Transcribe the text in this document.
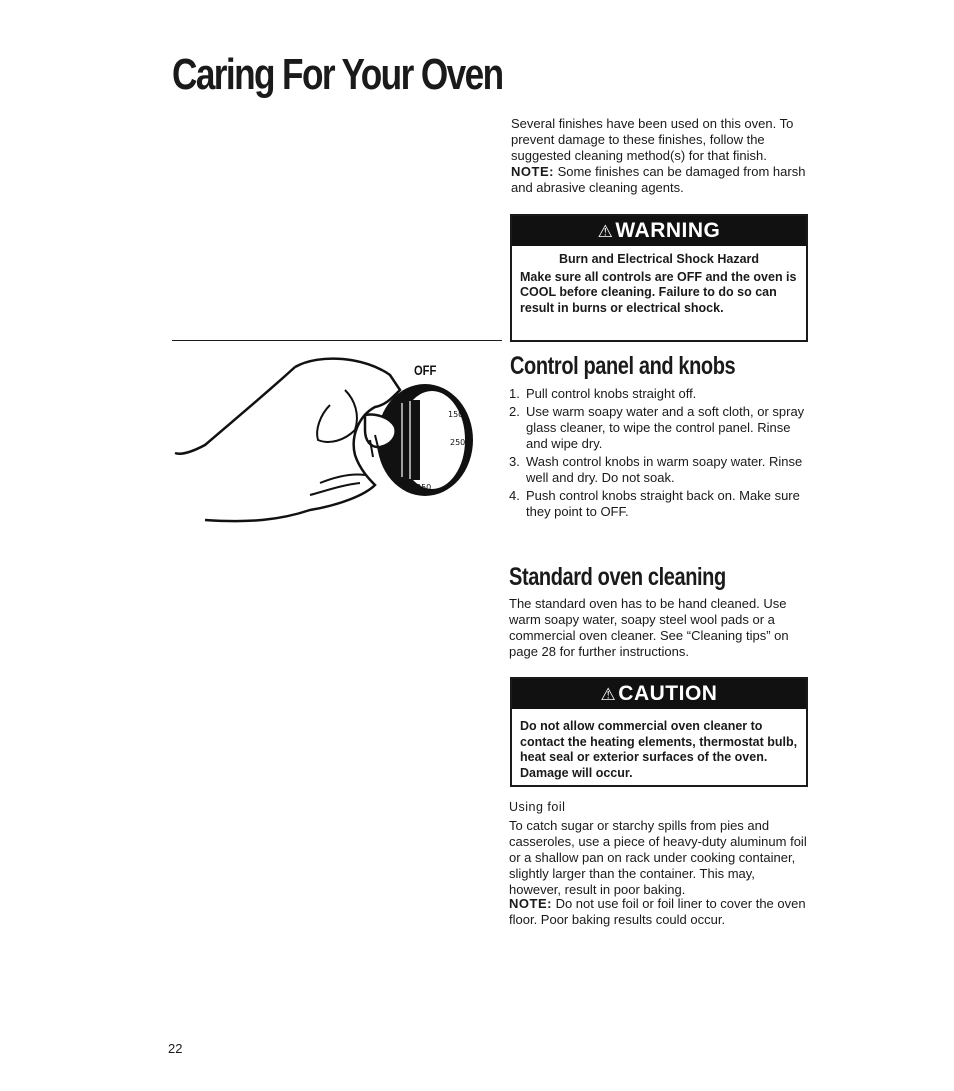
Caring For Your Oven

Several finishes have been used on this oven. To prevent damage to these finishes, follow the suggested cleaning method(s) for that finish.

NOTE: Some finishes can be damaged from harsh and abrasive cleaning agents.

⚠WARNING
Burn and Electrical Shock Hazard
Make sure all controls are OFF and the oven is COOL before cleaning. Failure to do so can result in burns or electrical shock.
150
250
350
OFF	Control panel and knobs
1. Pull control knobs straight off.
2. Use warm soapy water and a soft cloth, or spray glass cleaner, to wipe the control panel. Rinse and wipe dry.
3. Wash control knobs in warm soapy water. Rinse well and dry. Do not soak.
4. Push control knobs straight back on. Make sure they point to OFF.
Standard oven cleaning

The standard oven has to be hand cleaned. Use warm soapy water, soapy steel wool pads or a commercial oven cleaner. See “Cleaning tips” on page 28 for further instructions.

⚠CAUTION
Do not allow commercial oven cleaner to contact the heating elements, thermostat bulb, heat seal or exterior surfaces of the oven. Damage will occur.

Using foil

To catch sugar or starchy spills from pies and casseroles, use a piece of heavy-duty aluminum foil or a shallow pan on rack under cooking container, slightly larger than the container. This may, however, result in poor baking.

NOTE: Do not use foil or foil liner to cover the oven floor. Poor baking results could occur.

22
